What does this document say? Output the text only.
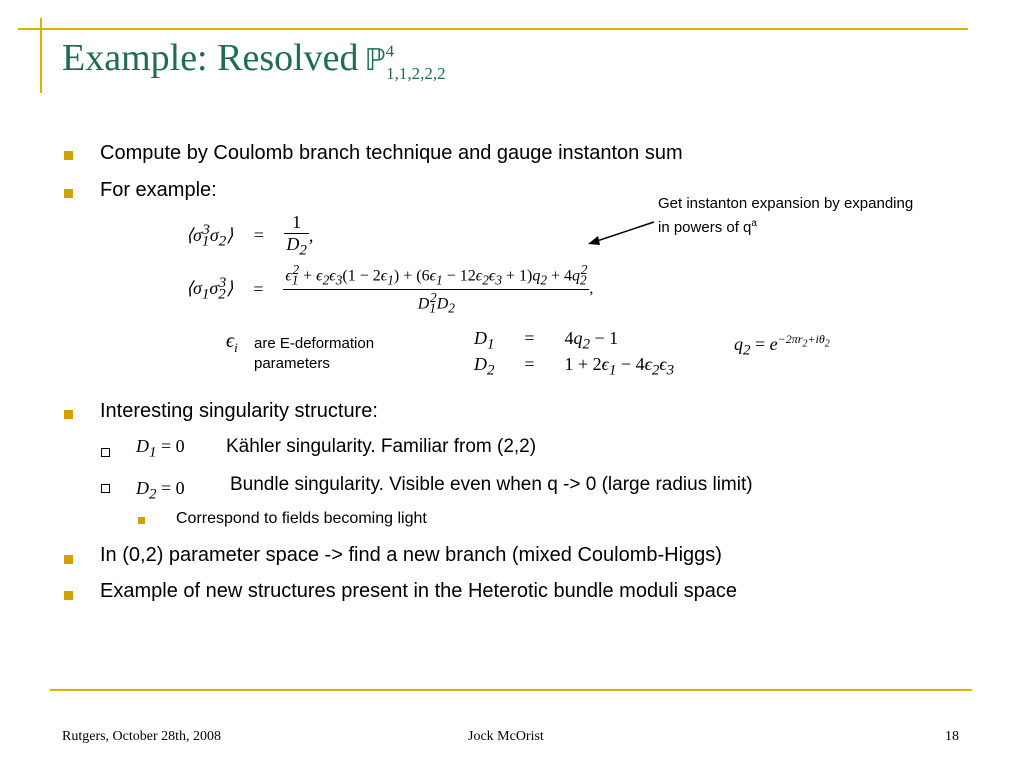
Example: Resolved ℙ$^4_{1,1,2,2,2}$
Compute by Coulomb branch technique and gauge instanton sum
For example:
Get instanton expansion by expanding
in powers of $q^a$
$⟨\sigma_1^3\sigma_2⟩ = \frac{1}{D_2}$ ,
$⟨\sigma_1\sigma_2^3⟩ = \frac{\epsilon_1^2 + \epsilon_2\epsilon_3(1 - 2\epsilon_1) + (6\epsilon_1 - 12\epsilon_2\epsilon_3 + 1)q_2 + 4q_2^2}{D_1^2D_2}$ ,
$\epsilon_i$ are E-deformation
parameters
$D_1 = 4q_2 - 1$
$D_2 = 1 + 2\epsilon_1 - 4\epsilon_2\epsilon_3$
$q_2 = e^{-2\pi r_2+i\theta_2}$
Interesting singularity structure:
$D_1 = 0$ Kähler singularity. Familiar from (2,2)
$D_2 = 0$ Bundle singularity. Visible even when q -> 0 (large radius limit)
Correspond to fields becoming light
In (0,2) parameter space -> find a new branch (mixed Coulomb-Higgs)
Example of new structures present in the Heterotic bundle moduli space
Rutgers, October 28th, 2008	Jock McOrist	18
